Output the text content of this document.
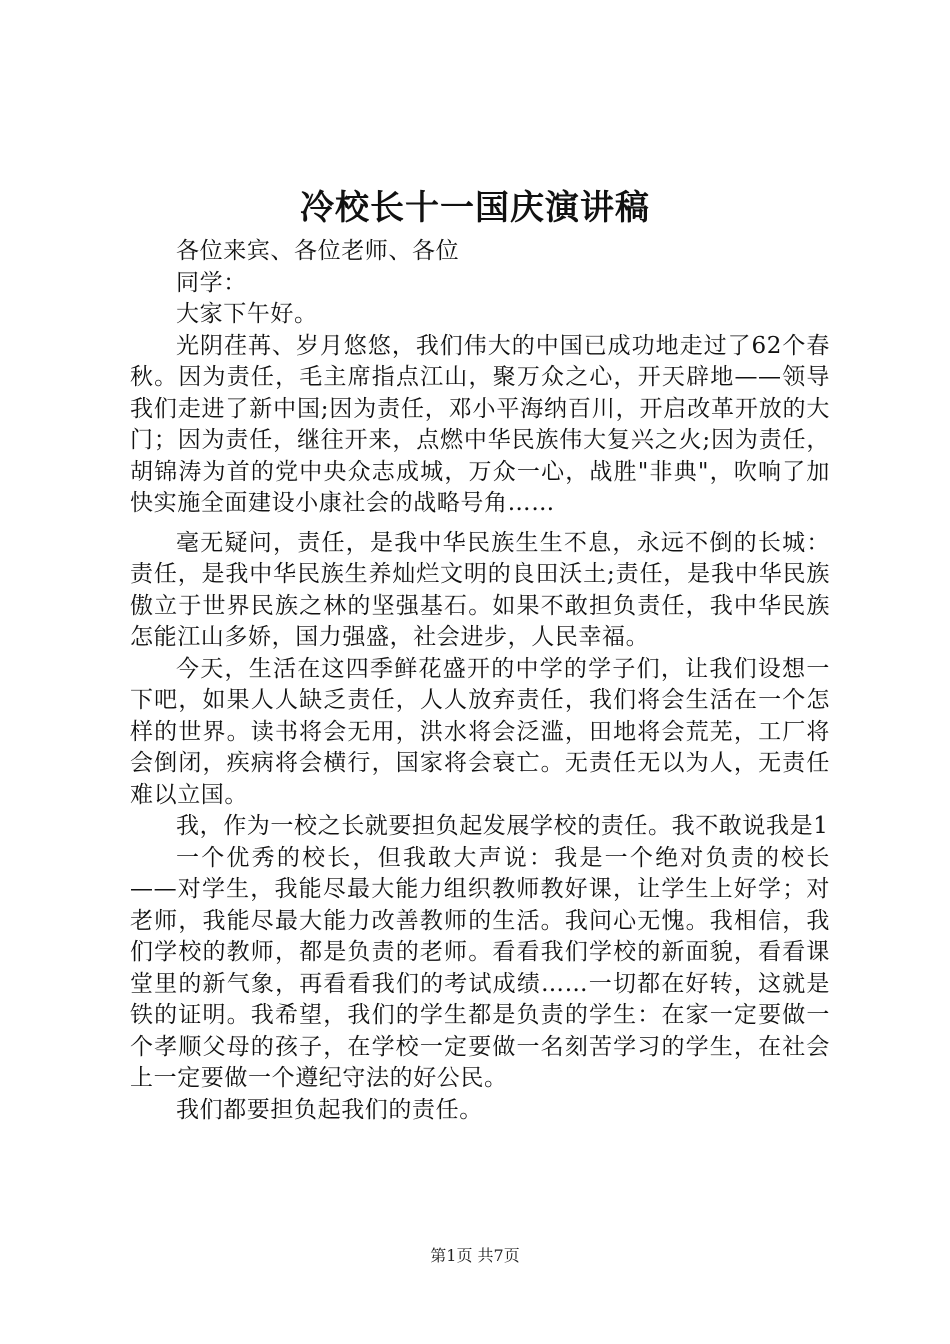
冷校长十一国庆演讲稿

各位来宾、各位老师、各位

同学：

大家下午好。

光阴荏苒、岁月悠悠，我们伟大的中国已成功地走过了62个春秋。因为责任，毛主席指点江山，聚万众之心，开天辟地——领导我们走进了新中国;因为责任，邓小平海纳百川，开启改革开放的大门；因为责任，继往开来，点燃中华民族伟大复兴之火;因为责任，胡锦涛为首的党中央众志成城，万众一心，战胜"非典"，吹响了加快实施全面建设小康社会的战略号角……

毫无疑问，责任，是我中华民族生生不息，永远不倒的长城：责任，是我中华民族生养灿烂文明的良田沃土;责任，是我中华民族傲立于世界民族之林的坚强基石。如果不敢担负责任，我中华民族怎能江山多娇，国力强盛，社会进步，人民幸福。

今天，生活在这四季鲜花盛开的中学的学子们，让我们设想一下吧，如果人人缺乏责任，人人放弃责任，我们将会生活在一个怎样的世界。读书将会无用，洪水将会泛滥，田地将会荒芜，工厂将会倒闭，疾病将会横行，国家将会衰亡。无责任无以为人，无责任难以立国。

我，作为一校之长就要担负起发展学校的责任。我不敢说我是1

一个优秀的校长，但我敢大声说：我是一个绝对负责的校长——对学生，我能尽最大能力组织教师教好课，让学生上好学；对老师，我能尽最大能力改善教师的生活。我问心无愧。我相信，我们学校的教师，都是负责的老师。看看我们学校的新面貌，看看课堂里的新气象，再看看我们的考试成绩……一切都在好转，这就是铁的证明。我希望，我们的学生都是负责的学生：在家一定要做一个孝顺父母的孩子，在学校一定要做一名刻苦学习的学生，在社会上一定要做一个遵纪守法的好公民。

我们都要担负起我们的责任。

第1页 共7页
